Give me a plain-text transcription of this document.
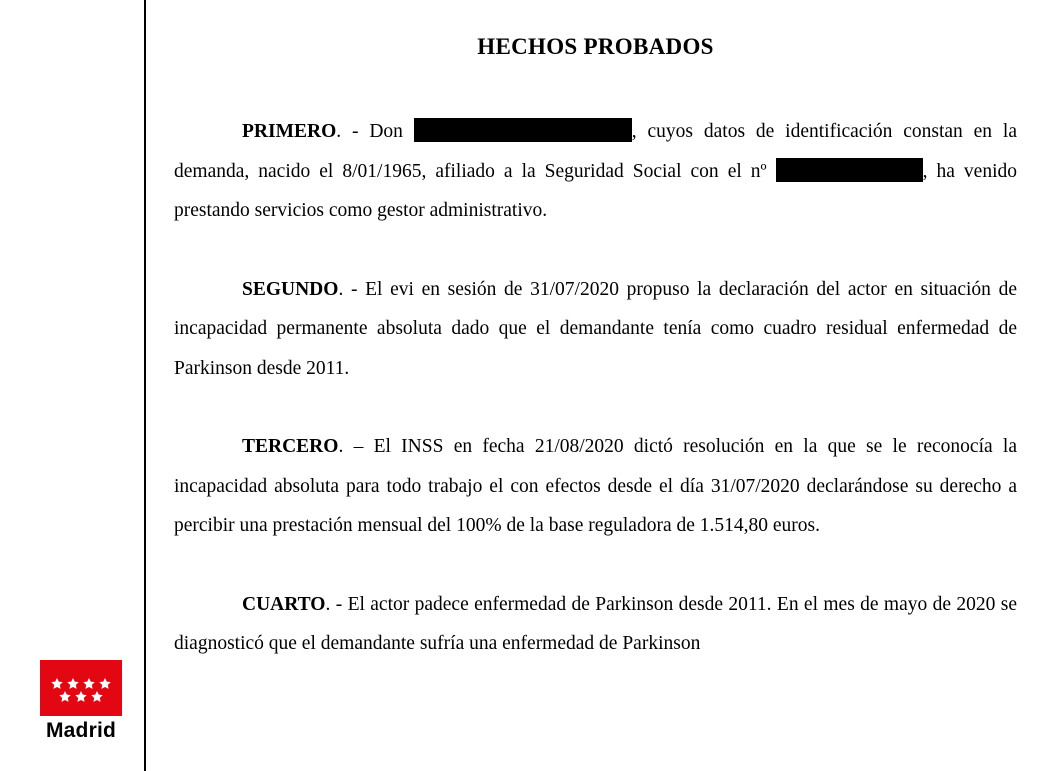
Madrid
HECHOS PROBADOS

PRIMERO. - Don	, cuyos datos de identificación constan en la demanda, nacido el 8/01/1965, afiliado a la Seguridad Social con el nº	, ha venido prestando servicios como gestor administrativo.

SEGUNDO. - El evi en sesión de 31/07/2020 propuso la declaración del actor en situación de incapacidad permanente absoluta dado que el demandante tenía como cuadro residual enfermedad de Parkinson desde 2011.

TERCERO. – El INSS en fecha 21/08/2020 dictó resolución en la que se le reconocía la incapacidad absoluta para todo trabajo el con efectos desde el día 31/07/2020 declarándose su derecho a percibir una prestación mensual del 100% de la base reguladora de 1.514,80 euros.

CUARTO. - El actor padece enfermedad de Parkinson desde 2011. En el mes de mayo de 2020 se diagnosticó que el demandante sufría una enfermedad de Parkinson
